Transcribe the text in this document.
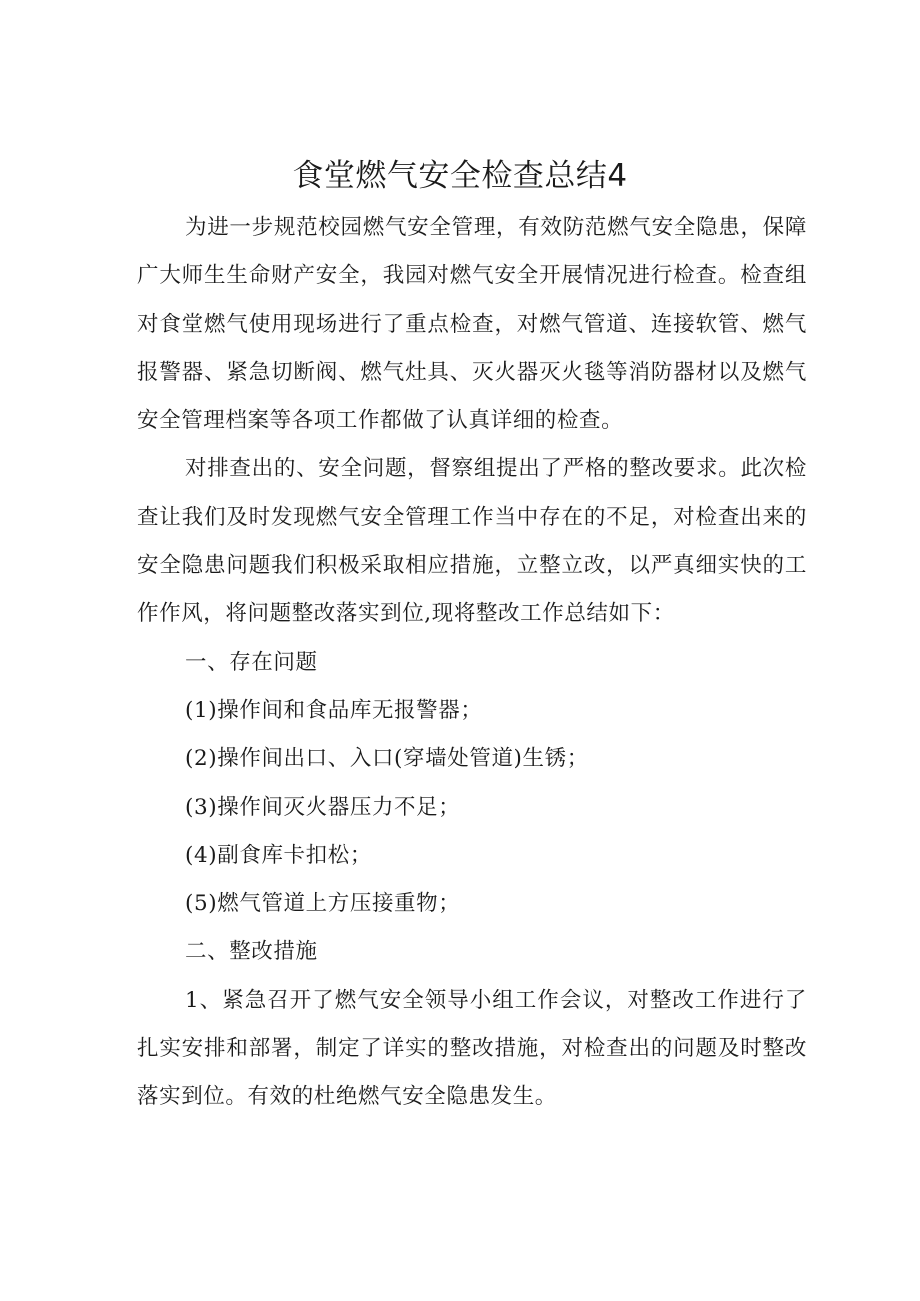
食堂燃气安全检查总结4

为进一步规范校园燃气安全管理，有效防范燃气安全隐患，保障广大师生生命财产安全，我园对燃气安全开展情况进行检查。检查组对食堂燃气使用现场进行了重点检查，对燃气管道、连接软管、燃气报警器、紧急切断阀、燃气灶具、灭火器灭火毯等消防器材以及燃气安全管理档案等各项工作都做了认真详细的检查。

对排查出的、安全问题，督察组提出了严格的整改要求。此次检查让我们及时发现燃气安全管理工作当中存在的不足，对检查出来的安全隐患问题我们积极采取相应措施，立整立改，以严真细实快的工作作风，将问题整改落实到位,现将整改工作总结如下：

一、存在问题

(1)操作间和食品库无报警器；

(2)操作间出口、入口(穿墙处管道)生锈；

(3)操作间灭火器压力不足；

(4)副食库卡扣松；

(5)燃气管道上方压接重物；

二、整改措施

1、紧急召开了燃气安全领导小组工作会议，对整改工作进行了扎实安排和部署，制定了详实的整改措施，对检查出的问题及时整改落实到位。有效的杜绝燃气安全隐患发生。
